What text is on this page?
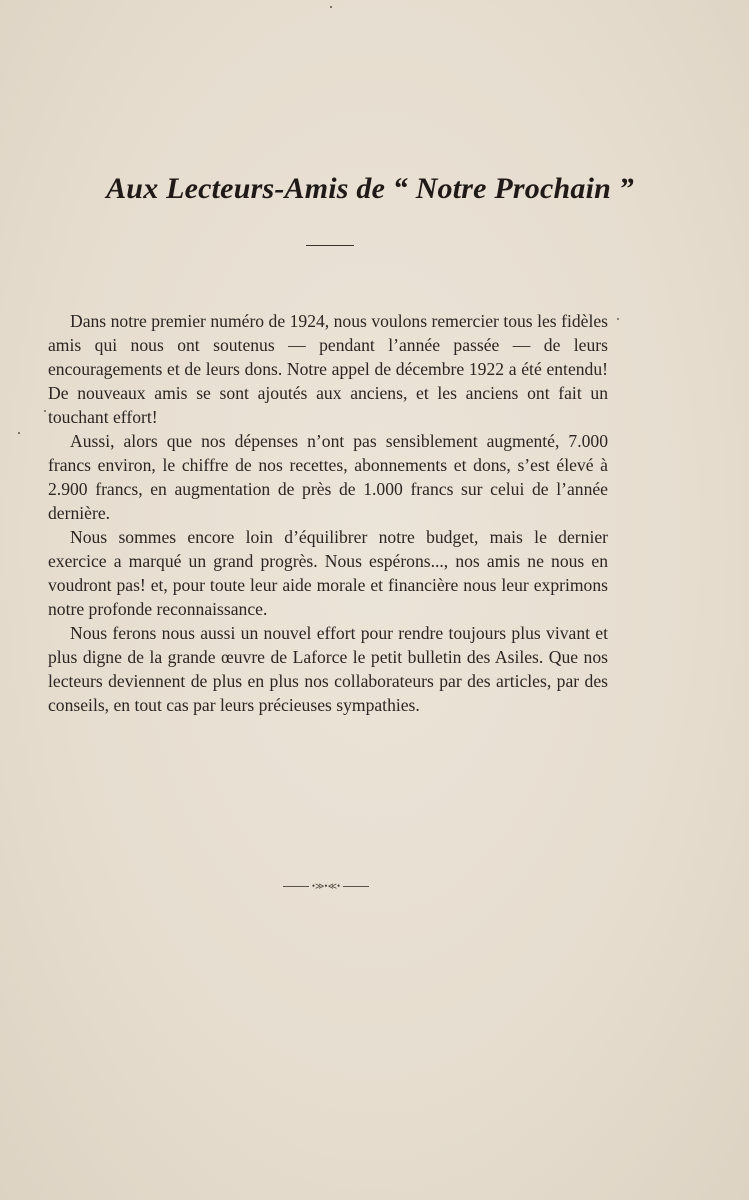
Aux Lecteurs-Amis de “ Notre Prochain ”

Dans notre premier numéro de 1924, nous voulons remercier tous les fidèles amis qui nous ont soutenus — pendant l’année passée — de leurs encouragements et de leurs dons. Notre appel de décembre 1922 a été entendu! De nouveaux amis se sont ajoutés aux anciens, et les anciens ont fait un touchant effort!

Aussi, alors que nos dépenses n’ont pas sensiblement augmenté, 7.000 francs environ, le chiffre de nos recettes, abonnements et dons, s’est élevé à 2.900 francs, en augmentation de près de 1.000 francs sur celui de l’année dernière.

Nous sommes encore loin d’équilibrer notre budget, mais le dernier exercice a marqué un grand progrès. Nous espérons..., nos amis ne nous en voudront pas! et, pour toute leur aide morale et financière nous leur exprimons notre profonde reconnaissance.

Nous ferons nous aussi un nouvel effort pour rendre toujours plus vivant et plus digne de la grande œuvre de Laforce le petit bulletin des Asiles. Que nos lecteurs deviennent de plus en plus nos collaborateurs par des articles, par des conseils, en tout cas par leurs précieuses sympathies.

•≫•≪•
